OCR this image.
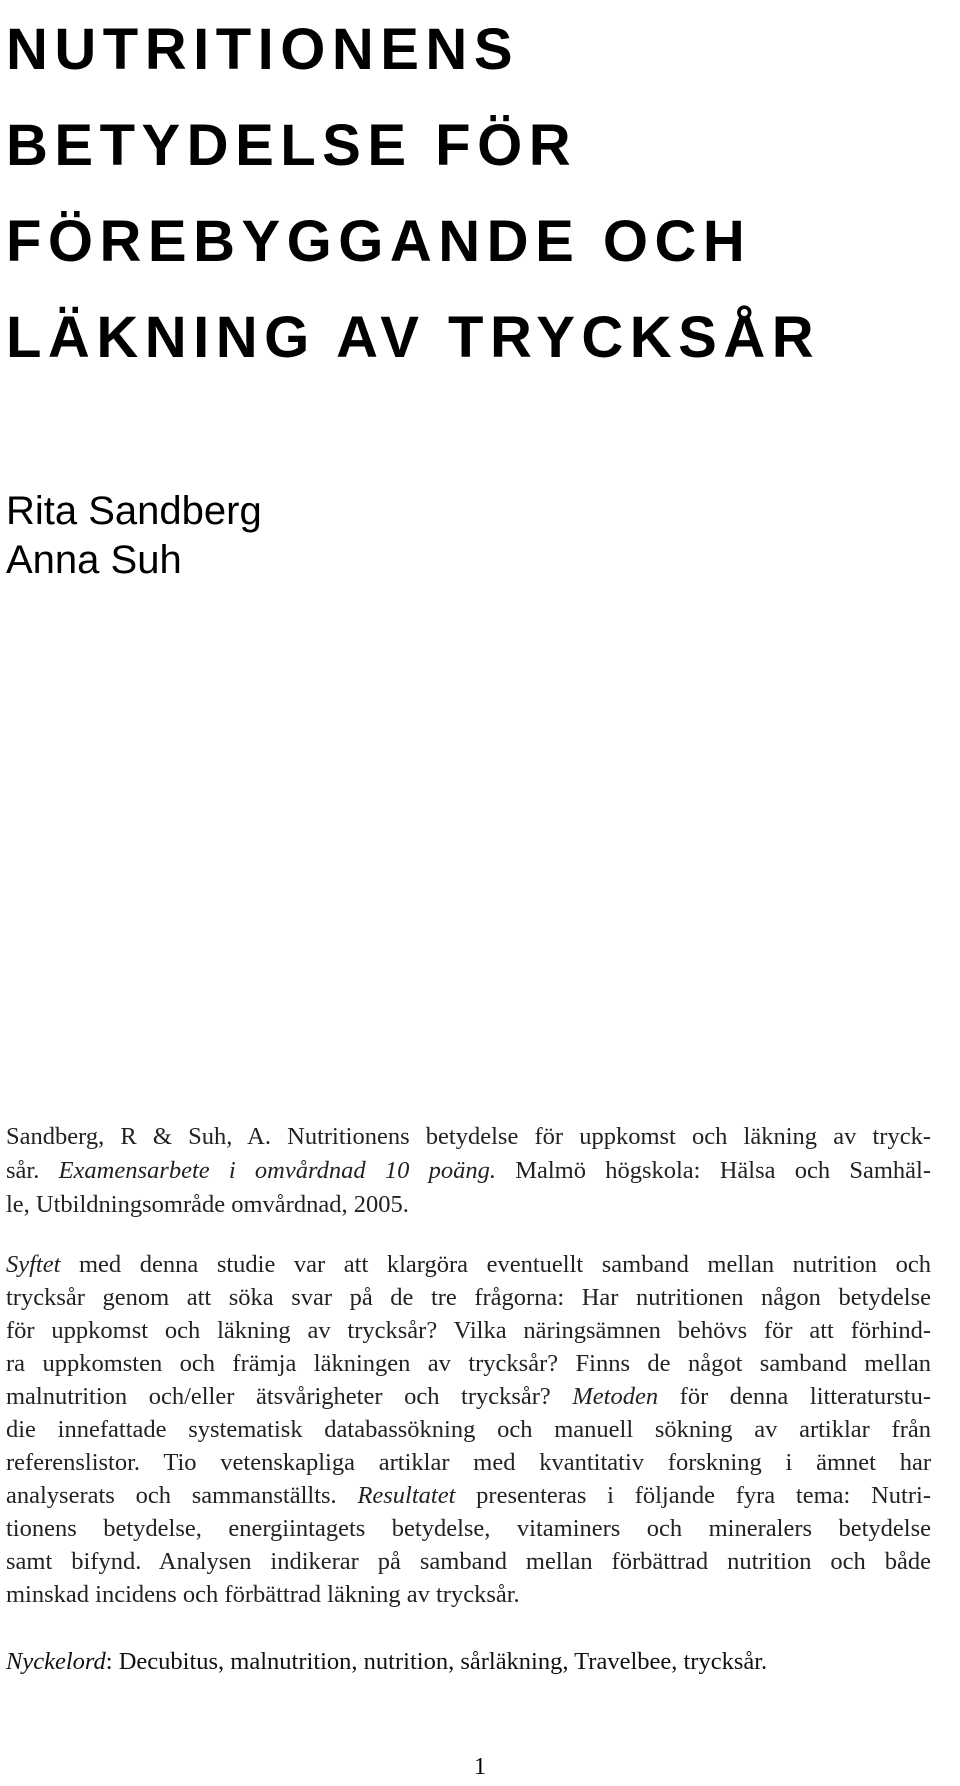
NUTRITIONENS
BETYDELSE FÖR
FÖREBYGGANDE OCH
LÄKNING AV TRYCKSÅR
Rita Sandberg
Anna Suh
Sandberg, R & Suh, A. Nutritionens betydelse för uppkomst och läkning av tryck-
sår. Examensarbete i omvårdnad 10 poäng. Malmö högskola: Hälsa och Samhäl-
le, Utbildningsområde omvårdnad, 2005.
Syftet med denna studie var att klargöra eventuellt samband mellan nutrition och
trycksår genom att söka svar på de tre frågorna: Har nutritionen någon betydelse
för uppkomst och läkning av trycksår? Vilka näringsämnen behövs för att förhind-
ra uppkomsten och främja läkningen av trycksår? Finns de något samband mellan
malnutrition och/eller ätsvårigheter och trycksår? Metoden för denna litteraturstu-
die innefattade systematisk databassökning och manuell sökning av artiklar från
referenslistor. Tio vetenskapliga artiklar med kvantitativ forskning i ämnet har
analyserats och sammanställts. Resultatet presenteras i följande fyra tema: Nutri-
tionens betydelse, energiintagets betydelse, vitaminers och mineralers betydelse
samt bifynd. Analysen indikerar på samband mellan förbättrad nutrition och både
minskad incidens och förbättrad läkning av trycksår.
Nyckelord: Decubitus, malnutrition, nutrition, sårläkning, Travelbee, trycksår.
1
